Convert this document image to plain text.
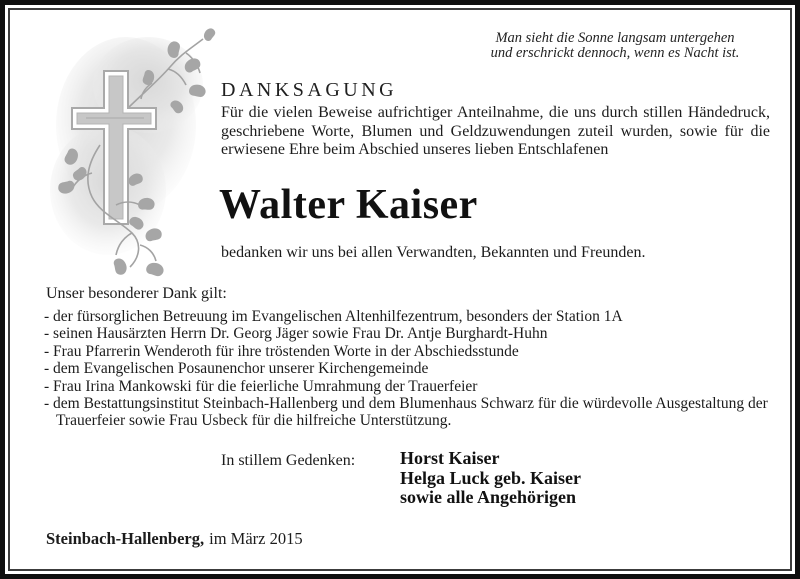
Man sieht die Sonne langsam untergehen
und erschrickt dennoch, wenn es Nacht ist.
DANKSAGUNG
Für die vielen Beweise aufrichtiger Anteilnahme, die uns durch stillen Händedruck, geschriebene Worte, Blumen und Geldzuwendungen zuteil wurden, sowie für die erwiesene Ehre beim Abschied unseres lieben Entschlafenen
Walter Kaiser
bedanken wir uns bei allen Verwandten, Bekannten und Freunden.
Unser besonderer Dank gilt:
- der fürsorglichen Betreuung im Evangelischen Altenhilfezentrum, besonders der Station 1A
- seinen Hausärzten Herrn Dr. Georg Jäger sowie Frau Dr. Antje Burghardt-Huhn
- Frau Pfarrerin Wenderoth für ihre tröstenden Worte in der Abschiedsstunde
- dem Evangelischen Posaunenchor unserer Kirchengemeinde
- Frau Irina Mankowski für die feierliche Umrahmung der Trauerfeier
- dem Bestattungsinstitut Steinbach-Hallenberg und dem Blumenhaus Schwarz für die würdevolle Ausgestaltung der Trauerfeier sowie Frau Usbeck für die hilfreiche Unterstützung.
In stillem Gedenken: Horst Kaiser
Helga Luck geb. Kaiser
sowie alle Angehörigen
Steinbach-Hallenberg, im März 2015
